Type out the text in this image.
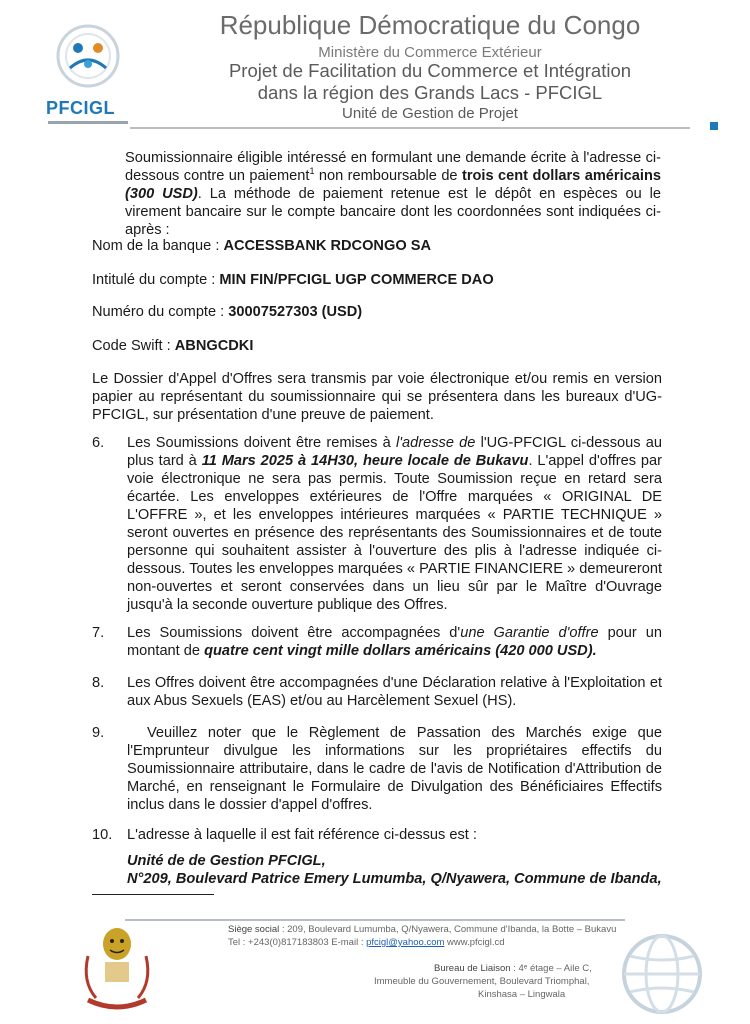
PFCIGL
République Démocratique du Congo
Ministère du Commerce Extérieur
Projet de Facilitation du Commerce et Intégration
dans la région des Grands Lacs - PFCIGL
Unité de Gestion de Projet

Soumissionnaire éligible intéressé en formulant une demande écrite à l'adresse ci-dessous contre un paiement$^1$ non remboursable de trois cent dollars américains (300 USD). La méthode de paiement retenue est le dépôt en espèces ou le virement bancaire sur le compte bancaire dont les coordonnées sont indiquées ci-après :

Nom de la banque : ACCESSBANK RDCONGO SA
Intitulé du compte : MIN FIN/PFCIGL UGP COMMERCE DAO
Numéro du compte : 30007527303 (USD)
Code Swift : ABNGCDKI

Le Dossier d'Appel d'Offres sera transmis par voie électronique et/ou remis en version papier au représentant du soumissionnaire qui se présentera dans les bureaux d'UG-PFCIGL, sur présentation d'une preuve de paiement.

6. Les Soumissions doivent être remises à l'adresse de l'UG-PFCIGL ci-dessous au plus tard à 11 Mars 2025 à 14H30, heure locale de Bukavu. L'appel d'offres par voie électronique ne sera pas permis. Toute Soumission reçue en retard sera écartée. Les enveloppes extérieures de l'Offre marquées « ORIGINAL DE L'OFFRE », et les enveloppes intérieures marquées « PARTIE TECHNIQUE » seront ouvertes en présence des représentants des Soumissionnaires et de toute personne qui souhaitent assister à l'ouverture des plis à l'adresse indiquée ci-dessous. Toutes les enveloppes marquées « PARTIE FINANCIERE » demeureront non-ouvertes et seront conservées dans un lieu sûr par le Maître d'Ouvrage jusqu'à la seconde ouverture publique des Offres.
7. Les Soumissions doivent être accompagnées d'une Garantie d'offre pour un montant de quatre cent vingt mille dollars américains (420 000 USD).
8. Les Offres doivent être accompagnées d'une Déclaration relative à l'Exploitation et aux Abus Sexuels (EAS) et/ou au Harcèlement Sexuel (HS).
9.	Veuillez noter que le Règlement de Passation des Marchés exige que l'Emprunteur divulgue les informations sur les propriétaires effectifs du Soumissionnaire attributaire, dans le cadre de l'avis de Notification d'Attribution de Marché, en renseignant le Formulaire de Divulgation des Bénéficiaires Effectifs inclus dans le dossier d'appel d'offres.
10. L'adresse à laquelle il est fait référence ci-dessus est :
Unité de de Gestion PFCIGL,
N°209, Boulevard Patrice Emery Lumumba, Q/Nyawera, Commune de Ibanda,
Siège social : 209, Boulevard Lumumba, Q/Nyawera, Commune d'Ibanda, la Botte – Bukavu
Tel : +243(0)817183803 E-mail : pfcigl@yahoo.com www.pfcigl.cd
Bureau de Liaison : 4ᵉ étage – Aile C,
Immeuble du Gouvernement, Boulevard Triomphal,
Kinshasa – Lingwala
